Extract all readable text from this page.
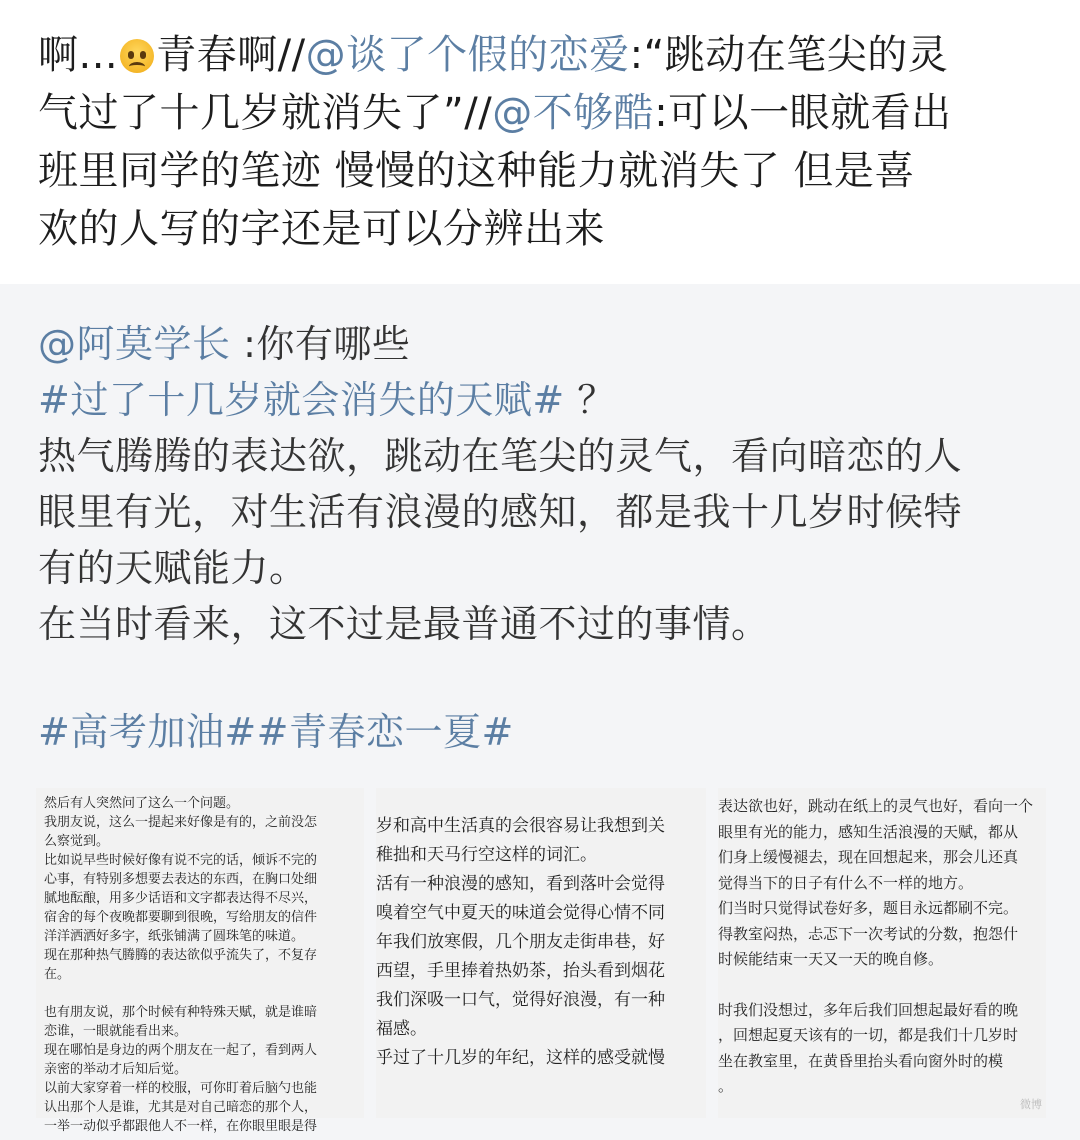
啊... 青春啊//@谈了个假的恋爱:“跳动在笔尖的灵
气过了十几岁就消失了”//@不够酷:可以一眼就看出
班里同学的笔迹 慢慢的这种能力就消失了 但是喜
欢的人写的字还是可以分辨出来
@阿莫学长 :你有哪些
#过了十几岁就会消失的天赋# ？
热气腾腾的表达欲，跳动在笔尖的灵气，看向暗恋的人
眼里有光，对生活有浪漫的感知，都是我十几岁时候特
有的天赋能力。
在当时看来，这不过是最普通不过的事情。
#高考加油##青春恋一夏#
然后有人突然问了这么一个问题。
我朋友说，这么一提起来好像是有的，之前没怎
么察觉到。
比如说早些时候好像有说不完的话，倾诉不完的
心事，有特别多想要去表达的东西，在胸口处细
腻地酝酿，用多少话语和文字都表达得不尽兴，
宿舍的每个夜晚都要聊到很晚，写给朋友的信件
洋洋洒洒好多字，纸张铺满了圆珠笔的味道。
现在那种热气腾腾的表达欲似乎流失了，不复存
在。
也有朋友说，那个时候有种特殊天赋，就是谁暗
恋谁，一眼就能看出来。
现在哪怕是身边的两个朋友在一起了，看到两人
亲密的举动才后知后觉。
以前大家穿着一样的校服，可你盯着后脑勺也能
认出那个人是谁，尤其是对自己暗恋的那个人，
一举一动似乎都跟他人不一样，在你眼里眼是得
岁和高中生活真的会很容易让我想到关
稚拙和天马行空这样的词汇。
活有一种浪漫的感知，看到落叶会觉得
嗅着空气中夏天的味道会觉得心情不同
年我们放寒假，几个朋友走街串巷，好
西望，手里捧着热奶茶，抬头看到烟花
我们深吸一口气，觉得好浪漫，有一种
福感。
乎过了十几岁的年纪，这样的感受就慢
表达欲也好，跳动在纸上的灵气也好，看向一个
眼里有光的能力，感知生活浪漫的天赋，都从
们身上缓慢褪去，现在回想起来，那会儿还真
觉得当下的日子有什么不一样的地方。
们当时只觉得试卷好多，题目永远都刷不完。
得教室闷热，忐忑下一次考试的分数，抱怨什
时候能结束一天又一天的晚自修。
时我们没想过，多年后我们回想起最好看的晚
，回想起夏天该有的一切，都是我们十几岁时
坐在教室里，在黄昏里抬头看向窗外时的模
。
微博
